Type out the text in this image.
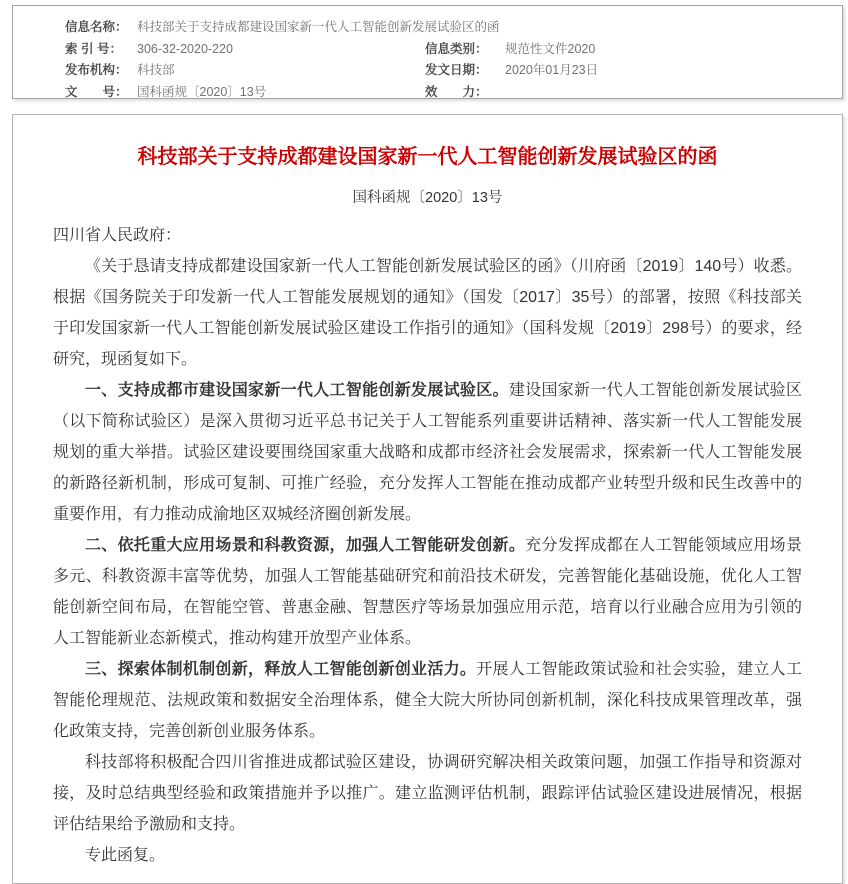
信息名称： 科技部关于支持成都建设国家新一代人工智能创新发展试验区的函
索 引 号：	306-32-2020-220	信息类别：	规范性文件2020
发布机构： 科技部	发文日期：	2020年01月23日
文　　号： 国科函规〔2020〕13号	效　　力：
科技部关于支持成都建设国家新一代人工智能创新发展试验区的函
国科函规〔2020〕13号

四川省人民政府：

《关于恳请支持成都建设国家新一代人工智能创新发展试验区的函》（川府函〔2019〕140号）收悉。根据《国务院关于印发新一代人工智能发展规划的通知》（国发〔2017〕35号）的部署，按照《科技部关于印发国家新一代人工智能创新发展试验区建设工作指引的通知》（国科发规〔2019〕298号）的要求，经研究，现函复如下。

一、支持成都市建设国家新一代人工智能创新发展试验区。建设国家新一代人工智能创新发展试验区（以下简称试验区）是深入贯彻习近平总书记关于人工智能系列重要讲话精神、落实新一代人工智能发展规划的重大举措。试验区建设要围绕国家重大战略和成都市经济社会发展需求，探索新一代人工智能发展的新路径新机制，形成可复制、可推广经验，充分发挥人工智能在推动成都产业转型升级和民生改善中的重要作用，有力推动成渝地区双城经济圈创新发展。

二、依托重大应用场景和科教资源，加强人工智能研发创新。充分发挥成都在人工智能领域应用场景多元、科教资源丰富等优势，加强人工智能基础研究和前沿技术研发，完善智能化基础设施，优化人工智能创新空间布局，在智能空管、普惠金融、智慧医疗等场景加强应用示范，培育以行业融合应用为引领的人工智能新业态新模式，推动构建开放型产业体系。

三、探索体制机制创新，释放人工智能创新创业活力。开展人工智能政策试验和社会实验，建立人工智能伦理规范、法规政策和数据安全治理体系，健全大院大所协同创新机制，深化科技成果管理改革，强化政策支持，完善创新创业服务体系。

科技部将积极配合四川省推进成都试验区建设，协调研究解决相关政策问题，加强工作指导和资源对接，及时总结典型经验和政策措施并予以推广。建立监测评估机制，跟踪评估试验区建设进展情况，根据评估结果给予激励和支持。

专此函复。
